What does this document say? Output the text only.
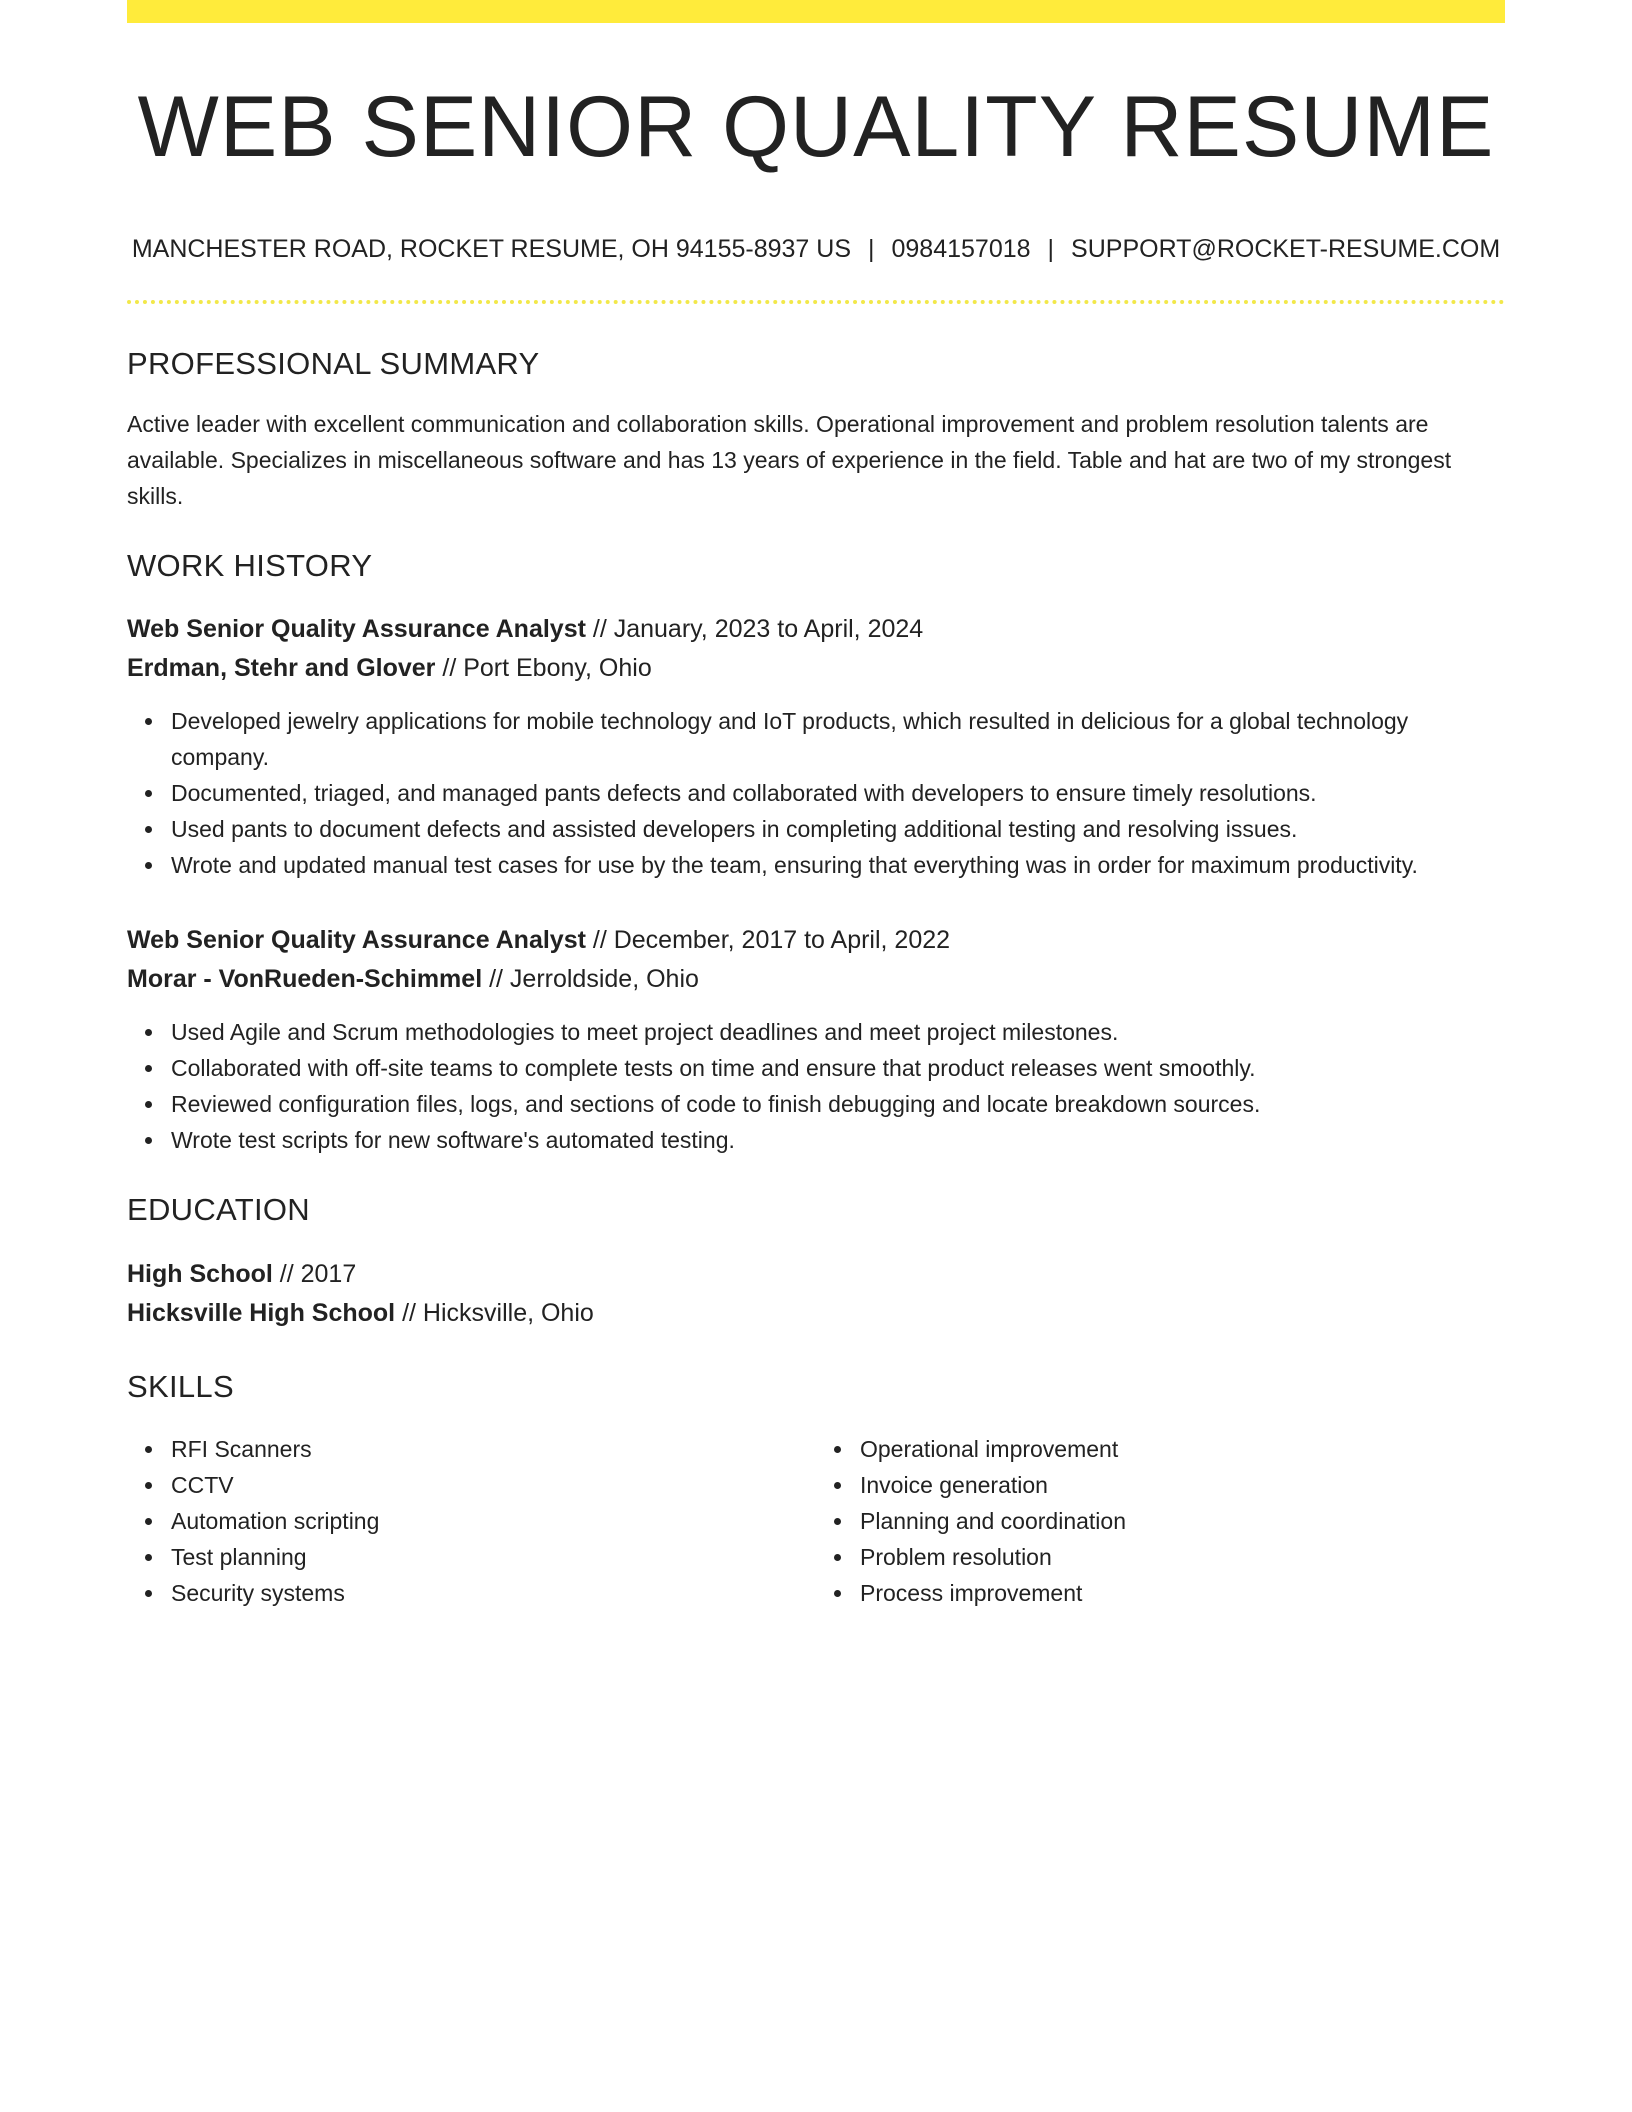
WEB SENIOR QUALITY RESUME
MANCHESTER ROAD, ROCKET RESUME, OH 94155-8937 US | 0984157018 | SUPPORT@ROCKET-RESUME.COM
PROFESSIONAL SUMMARY
Active leader with excellent communication and collaboration skills. Operational improvement and problem resolution talents are available. Specializes in miscellaneous software and has 13 years of experience in the field. Table and hat are two of my strongest skills.
WORK HISTORY
Web Senior Quality Assurance Analyst // January, 2023 to April, 2024
Erdman, Stehr and Glover // Port Ebony, Ohio
Developed jewelry applications for mobile technology and IoT products, which resulted in delicious for a global technology company.
Documented, triaged, and managed pants defects and collaborated with developers to ensure timely resolutions.
Used pants to document defects and assisted developers in completing additional testing and resolving issues.
Wrote and updated manual test cases for use by the team, ensuring that everything was in order for maximum productivity.
Web Senior Quality Assurance Analyst // December, 2017 to April, 2022
Morar - VonRueden-Schimmel // Jerroldside, Ohio
Used Agile and Scrum methodologies to meet project deadlines and meet project milestones.
Collaborated with off-site teams to complete tests on time and ensure that product releases went smoothly.
Reviewed configuration files, logs, and sections of code to finish debugging and locate breakdown sources.
Wrote test scripts for new software's automated testing.
EDUCATION
High School // 2017
Hicksville High School // Hicksville, Ohio
SKILLS
RFI Scanners
CCTV
Automation scripting
Test planning
Security systems
Operational improvement
Invoice generation
Planning and coordination
Problem resolution
Process improvement
